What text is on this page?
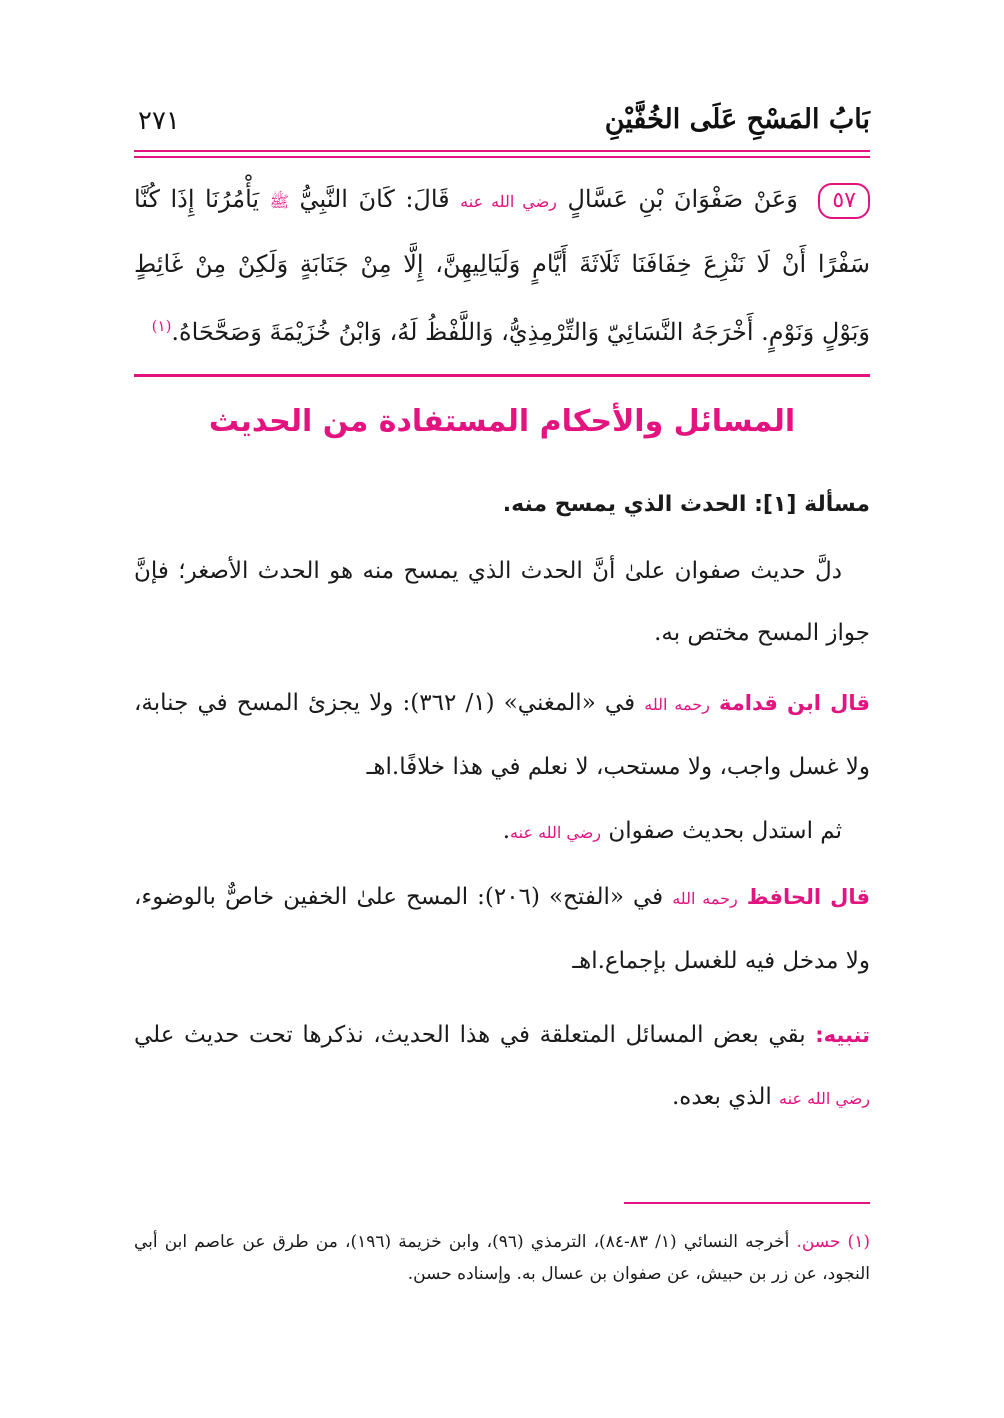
بَابُ المَسْحِ عَلَى الخُفَّيْنِ
٢٧١
٥٧ وَعَنْ صَفْوَانَ بْنِ عَسَّالٍ رضي الله عنه قَالَ: كَانَ النَّبِيُّ ﷺ يَأْمُرُنَا إِذَا كُنَّا سَفْرًا أَنْ لَا نَنْزِعَ خِفَافَنَا ثَلَاثَةَ أَيَّامٍ وَلَيَالِيهِنَّ، إِلَّا مِنْ جَنَابَةٍ وَلَكِنْ مِنْ غَائِطٍ وَبَوْلٍ وَنَوْمٍ. أَخْرَجَهُ النَّسَائِيّ وَالتِّرْمِذِيُّ، وَاللَّفْظُ لَهُ، وَابْنُ خُزَيْمَةَ وَصَحَّحَاهُ.$^{(١)}$
المسائل والأحكام المستفادة من الحديث
مسألة [١]: الحدث الذي يمسح منه.
دلَّ حديث صفوان علىٰ أنَّ الحدث الذي يمسح منه هو الحدث الأصغر؛ فإنَّ جواز المسح مختص به.
قال ابن قدامة رحمه الله في «المغني» (١/ ٣٦٢): ولا يجزئ المسح في جنابة، ولا غسل واجب، ولا مستحب، لا نعلم في هذا خلافًا.اهـ
ثم استدل بحديث صفوان رضي الله عنه.
قال الحافظ رحمه الله في «الفتح» (٢٠٦): المسح علىٰ الخفين خاصٌّ بالوضوء، ولا مدخل فيه للغسل بإجماع.اهـ
تنبيه: بقي بعض المسائل المتعلقة في هذا الحديث، نذكرها تحت حديث علي رضي الله عنه الذي بعده.
(١) حسن. أخرجه النسائي (١/ ٨٣-٨٤)، الترمذي (٩٦)، وابن خزيمة (١٩٦)، من طرق عن عاصم ابن أبي النجود، عن زر بن حبيش، عن صفوان بن عسال به. وإسناده حسن.
